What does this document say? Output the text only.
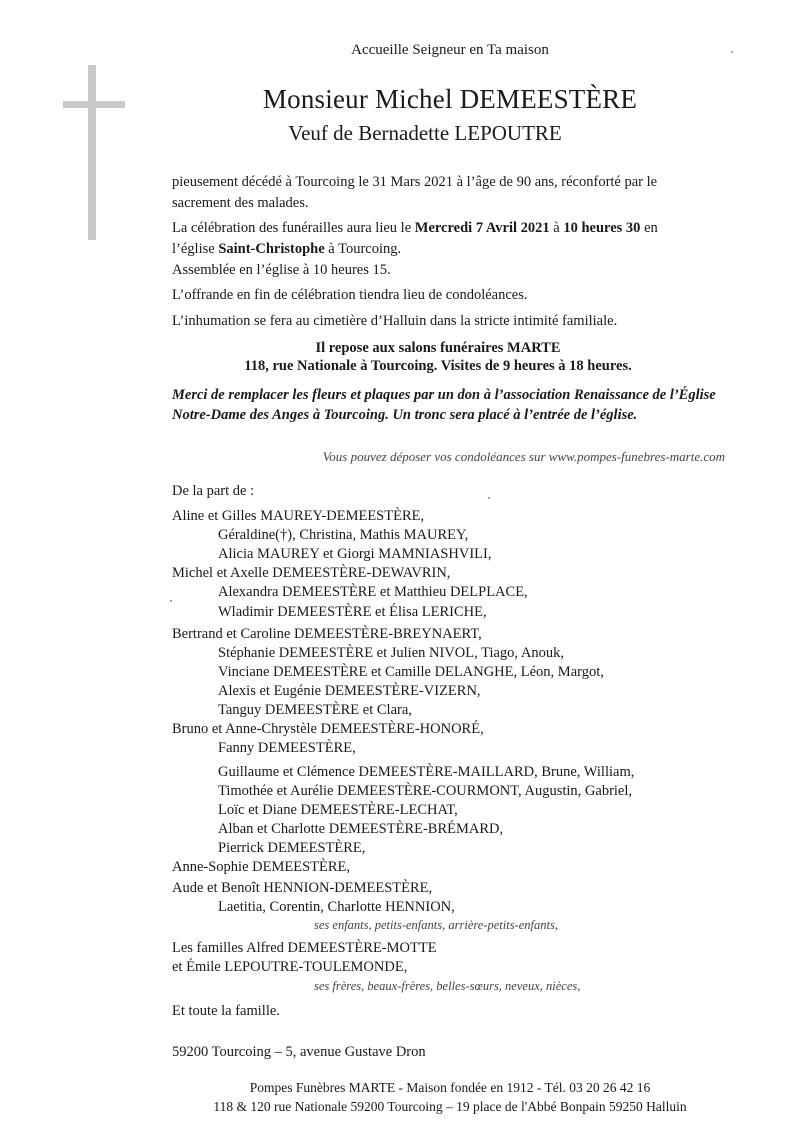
Accueille Seigneur en Ta maison
Monsieur Michel DEMEESTÈRE
Veuf de Bernadette LEPOUTRE
pieusement décédé à Tourcoing le 31 Mars 2021 à l’âge de 90 ans, réconforté par le sacrement des malades.
La célébration des funérailles aura lieu le Mercredi 7 Avril 2021 à 10 heures 30 en l’église Saint-Christophe à Tourcoing.
Assemblée en l’église à 10 heures 15.
L’offrande en fin de célébration tiendra lieu de condoléances.
L’inhumation se fera au cimetière d’Halluin dans la stricte intimité familiale.
Il repose aux salons funéraires MARTE
118, rue Nationale à Tourcoing. Visites de 9 heures à 18 heures.
Merci de remplacer les fleurs et plaques par un don à l’association Renaissance de l’Église Notre-Dame des Anges à Tourcoing. Un tronc sera placé à l’entrée de l’église.
Vous pouvez déposer vos condoléances sur www.pompes-funebres-marte.com
De la part de :
Aline et Gilles MAUREY-DEMEESTÈRE,
Géraldine(†), Christina, Mathis MAUREY,
Alicia MAUREY et Giorgi MAMNIASHVILI,
Michel et Axelle DEMEESTÈRE-DEWAVRIN,
Alexandra DEMEESTÈRE et Matthieu DELPLACE,
Wladimir DEMEESTÈRE et Élisa LERICHE,
Bertrand et Caroline DEMEESTÈRE-BREYNAERT,
Stéphanie DEMEESTÈRE et Julien NIVOL, Tiago, Anouk,
Vinciane DEMEESTÈRE et Camille DELANGHE, Léon, Margot,
Alexis et Eugénie DEMEESTÈRE-VIZERN,
Tanguy DEMEESTÈRE et Clara,
Bruno et Anne-Chrystèle DEMEESTÈRE-HONORÉ,
Fanny DEMEESTÈRE,
Guillaume et Clémence DEMEESTÈRE-MAILLARD, Brune, William,
Timothée et Aurélie DEMEESTÈRE-COURMONT, Augustin, Gabriel,
Loïc et Diane DEMEESTÈRE-LECHAT,
Alban et Charlotte DEMEESTÈRE-BRÉMARD,
Pierrick DEMEESTÈRE,
Anne-Sophie DEMEESTÈRE,
Aude et Benoît HENNION-DEMEESTÈRE,
Laetitia, Corentin, Charlotte HENNION,
ses enfants, petits-enfants, arrière-petits-enfants,
Les familles Alfred DEMEESTÈRE-MOTTE
et Émile LEPOUTRE-TOULEMONDE,
ses frères, beaux-frères, belles-sœurs, neveux, nièces,
Et toute la famille.
59200 Tourcoing – 5, avenue Gustave Dron
Pompes Funèbres MARTE - Maison fondée en 1912 - Tél. 03 20 26 42 16
118 & 120 rue Nationale 59200 Tourcoing – 19 place de l'Abbé Bonpain 59250 Halluin
